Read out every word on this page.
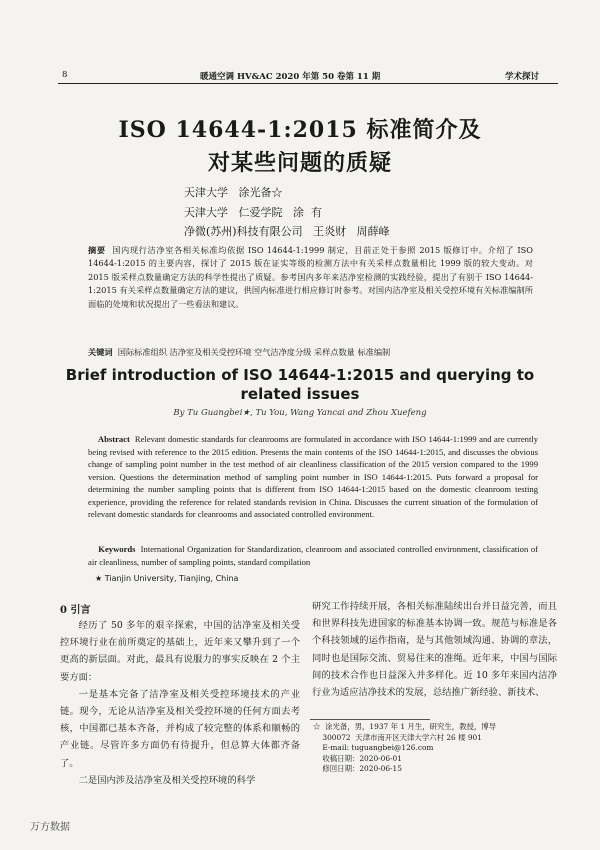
8	暖通空调 HV&AC 2020 年第 50 卷第 11 期	学术探讨
ISO 14644-1:2015 标准简介及
对某些问题的质疑
天津大学   涂光备☆
天津大学   仁爱学院   涂  有
净微(苏州)科技有限公司   王炎财   周薛峰
摘要 国内现行洁净室各相关标准均依据 ISO 14644-1:1999 制定，目前正处于参照 2015 版修订中。介绍了 ISO 14644-1:2015 的主要内容，探讨了 2015 版在证实等级的检测方法中有关采样点数量相比 1999 版的较大变动。对 2015 版采样点数量确定方法的科学性提出了质疑。参考国内多年来洁净室检测的实践经验，提出了有别于 ISO 14644-1:2015 有关采样点数量确定方法的建议，供国内标准进行相应修订时参考。对国内洁净室及相关受控环境有关标准编制所面临的处境和状况提出了一些看法和建议。
关键词 国际标准组织 洁净室及相关受控环境 空气洁净度分级 采样点数量 标准编制
Brief introduction of ISO 14644-1:2015 and querying to
related issues
By Tu Guangbei★, Tu You, Wang Yancai and Zhou Xuefeng
Abstract Relevant domestic standards for cleanrooms are formulated in accordance with ISO 14644-1:1999 and are currently being revised with reference to the 2015 edition. Presents the main contents of the ISO 14644-1:2015, and discusses the obvious change of sampling point number in the test method of air cleanliness classification of the 2015 version compared to the 1999 version. Questions the determination method of sampling point number in ISO 14644-1:2015. Puts forward a proposal for determining the number sampling points that is different from ISO 14644-1:2015 based on the domestic cleanroom testing experience, providing the reference for related standards revision in China. Discusses the current situation of the formulation of relevant domestic standards for cleanrooms and associated controlled environment.
Keywords International Organization for Standardization, cleanroom and associated controlled environment, classification of air cleanliness, number of sampling points, standard compilation
★ Tianjin University, Tianjing, China
0 引言

经历了 50 多年的艰辛探索，中国的洁净室及相关受控环境行业在前所奠定的基础上，近年来又攀升到了一个更高的新层面。对此，最具有说服力的事实反映在 2 个主要方面：

一是基本完备了洁净室及相关受控环境技术的产业链。现今，无论从洁净室及相关受控环境的任何方面去考核，中国都已基本齐备，并构成了较完整的体系和顺畅的产业链。尽管许多方面仍有待提升，但总算大体都齐备了。

二是国内涉及洁净室及相关受控环境的科学

研究工作持续开展，各相关标准陆续出台并日益完善，而且和世界科技先进国家的标准基本协调一致。规范与标准是各个科技领域的运作指南，是与其他领域沟通、协调的章法，同时也是国际交流、贸易往来的准绳。近年来，中国与国际间的技术合作也日益深入并多样化。近 10 多年来国内洁净行业为适应洁净技术的发展，总结推广新经验、新技术、

☆  涂光备，男，1937 年 1 月生，研究生，教授，博导
300072  天津市南开区天津大学六村 26 楼 901
E-mail: tuguangbei@126.com
收稿日期：2020-06-01
修回日期：2020-06-15
万方数据
